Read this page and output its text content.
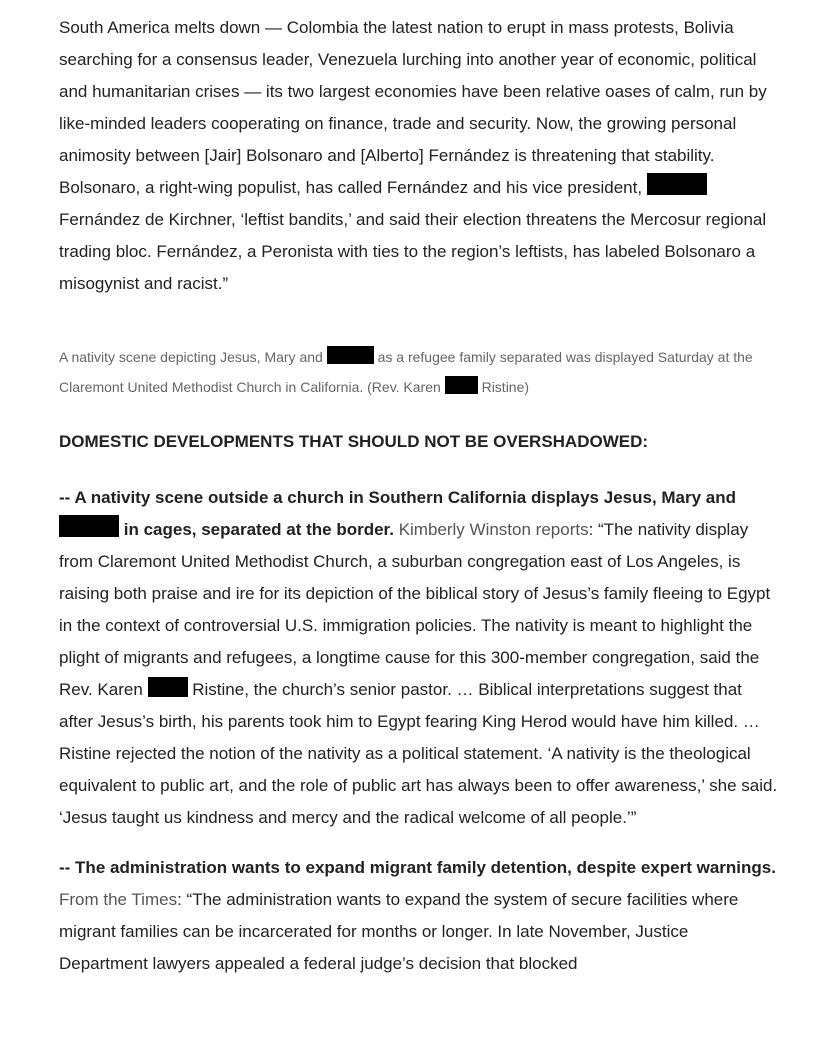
South America melts down — Colombia the latest nation to erupt in mass protests, Bolivia searching for a consensus leader, Venezuela lurching into another year of economic, political and humanitarian crises — its two largest economies have been relative oases of calm, run by like-minded leaders cooperating on finance, trade and security. Now, the growing personal animosity between [Jair] Bolsonaro and [Alberto] Fernández is threatening that stability. Bolsonaro, a right-wing populist, has called Fernández and his vice president,  Fernández de Kirchner, ‘leftist bandits,’ and said their election threatens the Mercosur regional trading bloc. Fernández, a Peronista with ties to the region’s leftists, has labeled Bolsonaro a misogynist and racist.”

A nativity scene depicting Jesus, Mary and	as a refugee family separated was displayed Saturday at the Claremont United Methodist Church in California. (Rev. Karen	Ristine)

DOMESTIC DEVELOPMENTS THAT SHOULD NOT BE OVERSHADOWED:

-- A nativity scene outside a church in Southern California displays Jesus, Mary and  in cages, separated at the border. Kimberly Winston reports: “The nativity display from Claremont United Methodist Church, a suburban congregation east of Los Angeles, is raising both praise and ire for its depiction of the biblical story of Jesus’s family fleeing to Egypt in the context of controversial U.S. immigration policies. The nativity is meant to highlight the plight of migrants and refugees, a longtime cause for this 300-member congregation, said the Rev. Karen	Ristine, the church’s senior pastor. … Biblical interpretations suggest that after Jesus’s birth, his parents took him to Egypt fearing King Herod would have him killed. … Ristine rejected the notion of the nativity as a political statement. ‘A nativity is the theological equivalent to public art, and the role of public art has always been to offer awareness,’ she said. ‘Jesus taught us kindness and mercy and the radical welcome of all people.’”

-- The administration wants to expand migrant family detention, despite expert warnings. From the Times: “The administration wants to expand the system of secure facilities where migrant families can be incarcerated for months or longer. In late November, Justice Department lawyers appealed a federal judge’s decision that blocked
